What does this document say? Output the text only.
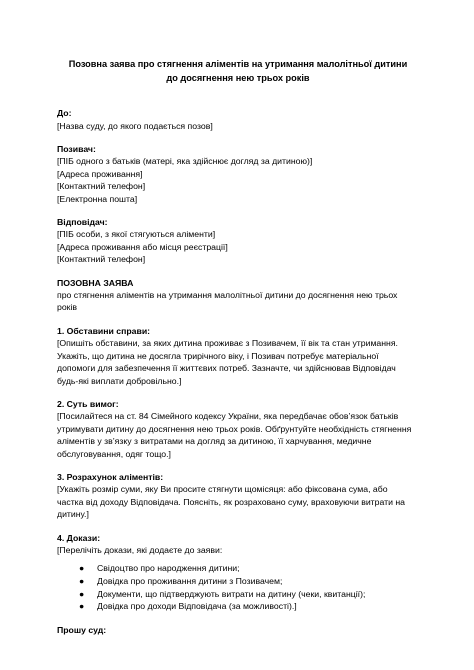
Позовна заява про стягнення аліментів на утримання малолітньої дитини
до досягнення нею трьох років
До:
[Назва суду, до якого подається позов]
Позивач:
[ПІБ одного з батьків (матері, яка здійснює догляд за дитиною)]
[Адреса проживання]
[Контактний телефон]
[Електронна пошта]
Відповідач:
[ПІБ особи, з якої стягуються аліменти]
[Адреса проживання або місця реєстрації]
[Контактний телефон]
ПОЗОВНА ЗАЯВА
про стягнення аліментів на утримання малолітньої дитини до досягнення нею трьох
років
1. Обставини справи:
[Опишіть обставини, за яких дитина проживає з Позивачем, її вік та стан утримання.
Укажіть, що дитина не досягла трирічного віку, і Позивач потребує матеріальної
допомоги для забезпечення її життєвих потреб. Зазначте, чи здійснював Відповідач
будь-які виплати добровільно.]
2. Суть вимог:
[Посилайтеся на ст. 84 Сімейного кодексу України, яка передбачає обов’язок батьків
утримувати дитину до досягнення нею трьох років. Обґрунтуйте необхідність стягнення
аліментів у зв’язку з витратами на догляд за дитиною, її харчування, медичне
обслуговування, одяг тощо.]
3. Розрахунок аліментів:
[Укажіть розмір суми, яку Ви просите стягнути щомісяця: або фіксована сума, або
частка від доходу Відповідача. Поясніть, як розраховано суму, враховуючи витрати на
дитину.]
4. Докази:
[Перелічіть докази, які додаєте до заяви:
● Свідоцтво про народження дитини;
● Довідка про проживання дитини з Позивачем;
● Документи, що підтверджують витрати на дитину (чеки, квитанції);
● Довідка про доходи Відповідача (за можливості).]
Прошу суд:
